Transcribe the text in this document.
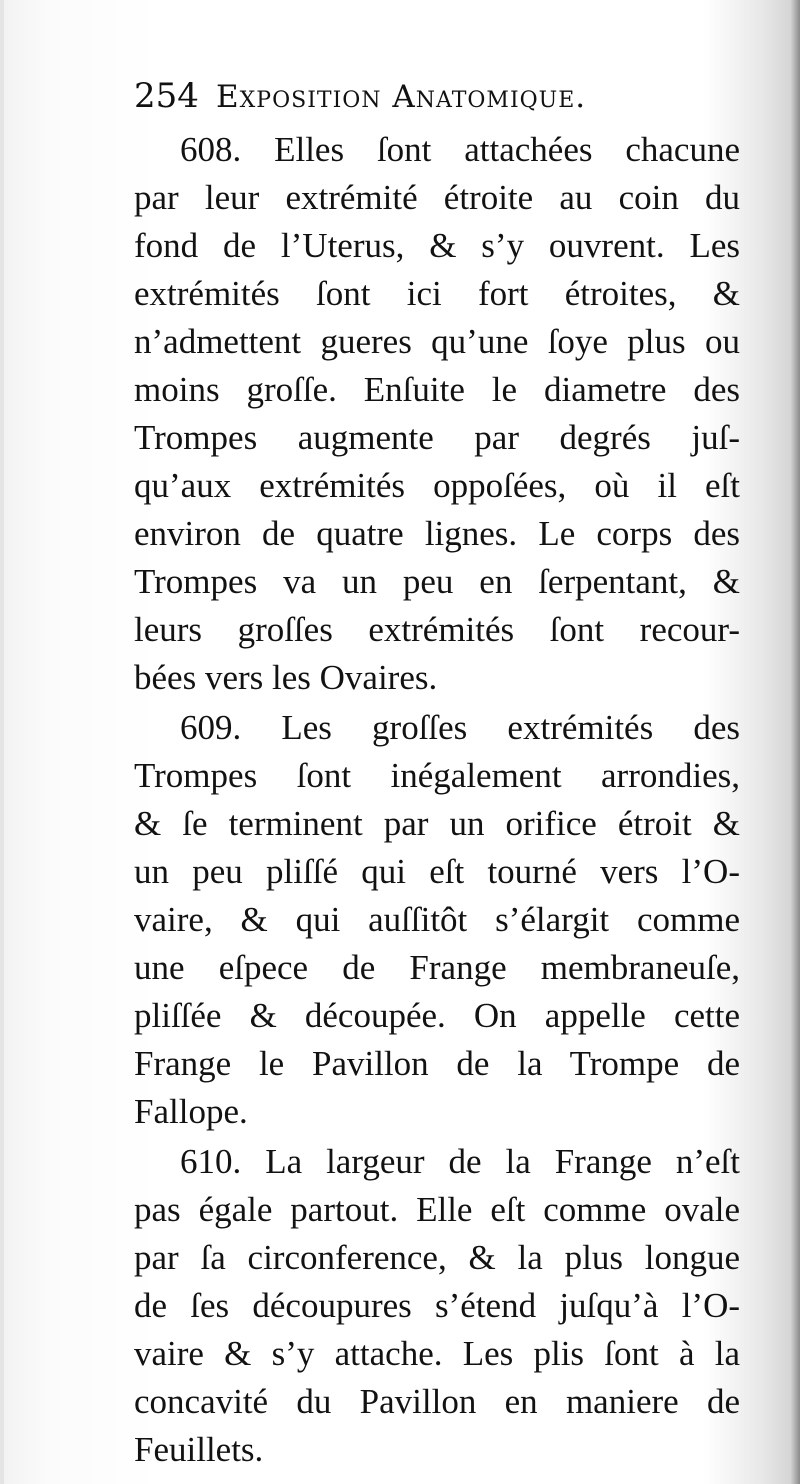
254 Exposition Anatomique.
608. Elles ſont attachées chacune
par leur extrémité étroite au coin du
fond de l’Uterus, & s’y ouvrent. Les
extrémités ſont ici fort étroites, &
n’admettent gueres qu’une ſoye plus ou
moins groſſe. Enſuite le diametre des
Trompes augmente par degrés juſ-
qu’aux extrémités oppoſées, où il eſt
environ de quatre lignes. Le corps des
Trompes va un peu en ſerpentant, &
leurs groſſes extrémités ſont recour-
bées vers les Ovaires.
609. Les groſſes extrémités des
Trompes ſont inégalement arrondies,
& ſe terminent par un orifice étroit &
un peu pliſſé qui eſt tourné vers l’O-
vaire, & qui auſſitôt s’élargit comme
une eſpece de Frange membraneuſe,
pliſſée & découpée. On appelle cette
Frange le Pavillon de la Trompe de
Fallope.
610. La largeur de la Frange n’eſt
pas égale partout. Elle eſt comme ovale
par ſa circonference, & la plus longue
de ſes découpures s’étend juſqu’à l’O-
vaire & s’y attache. Les plis ſont à la
concavité du Pavillon en maniere de
Feuillets.
